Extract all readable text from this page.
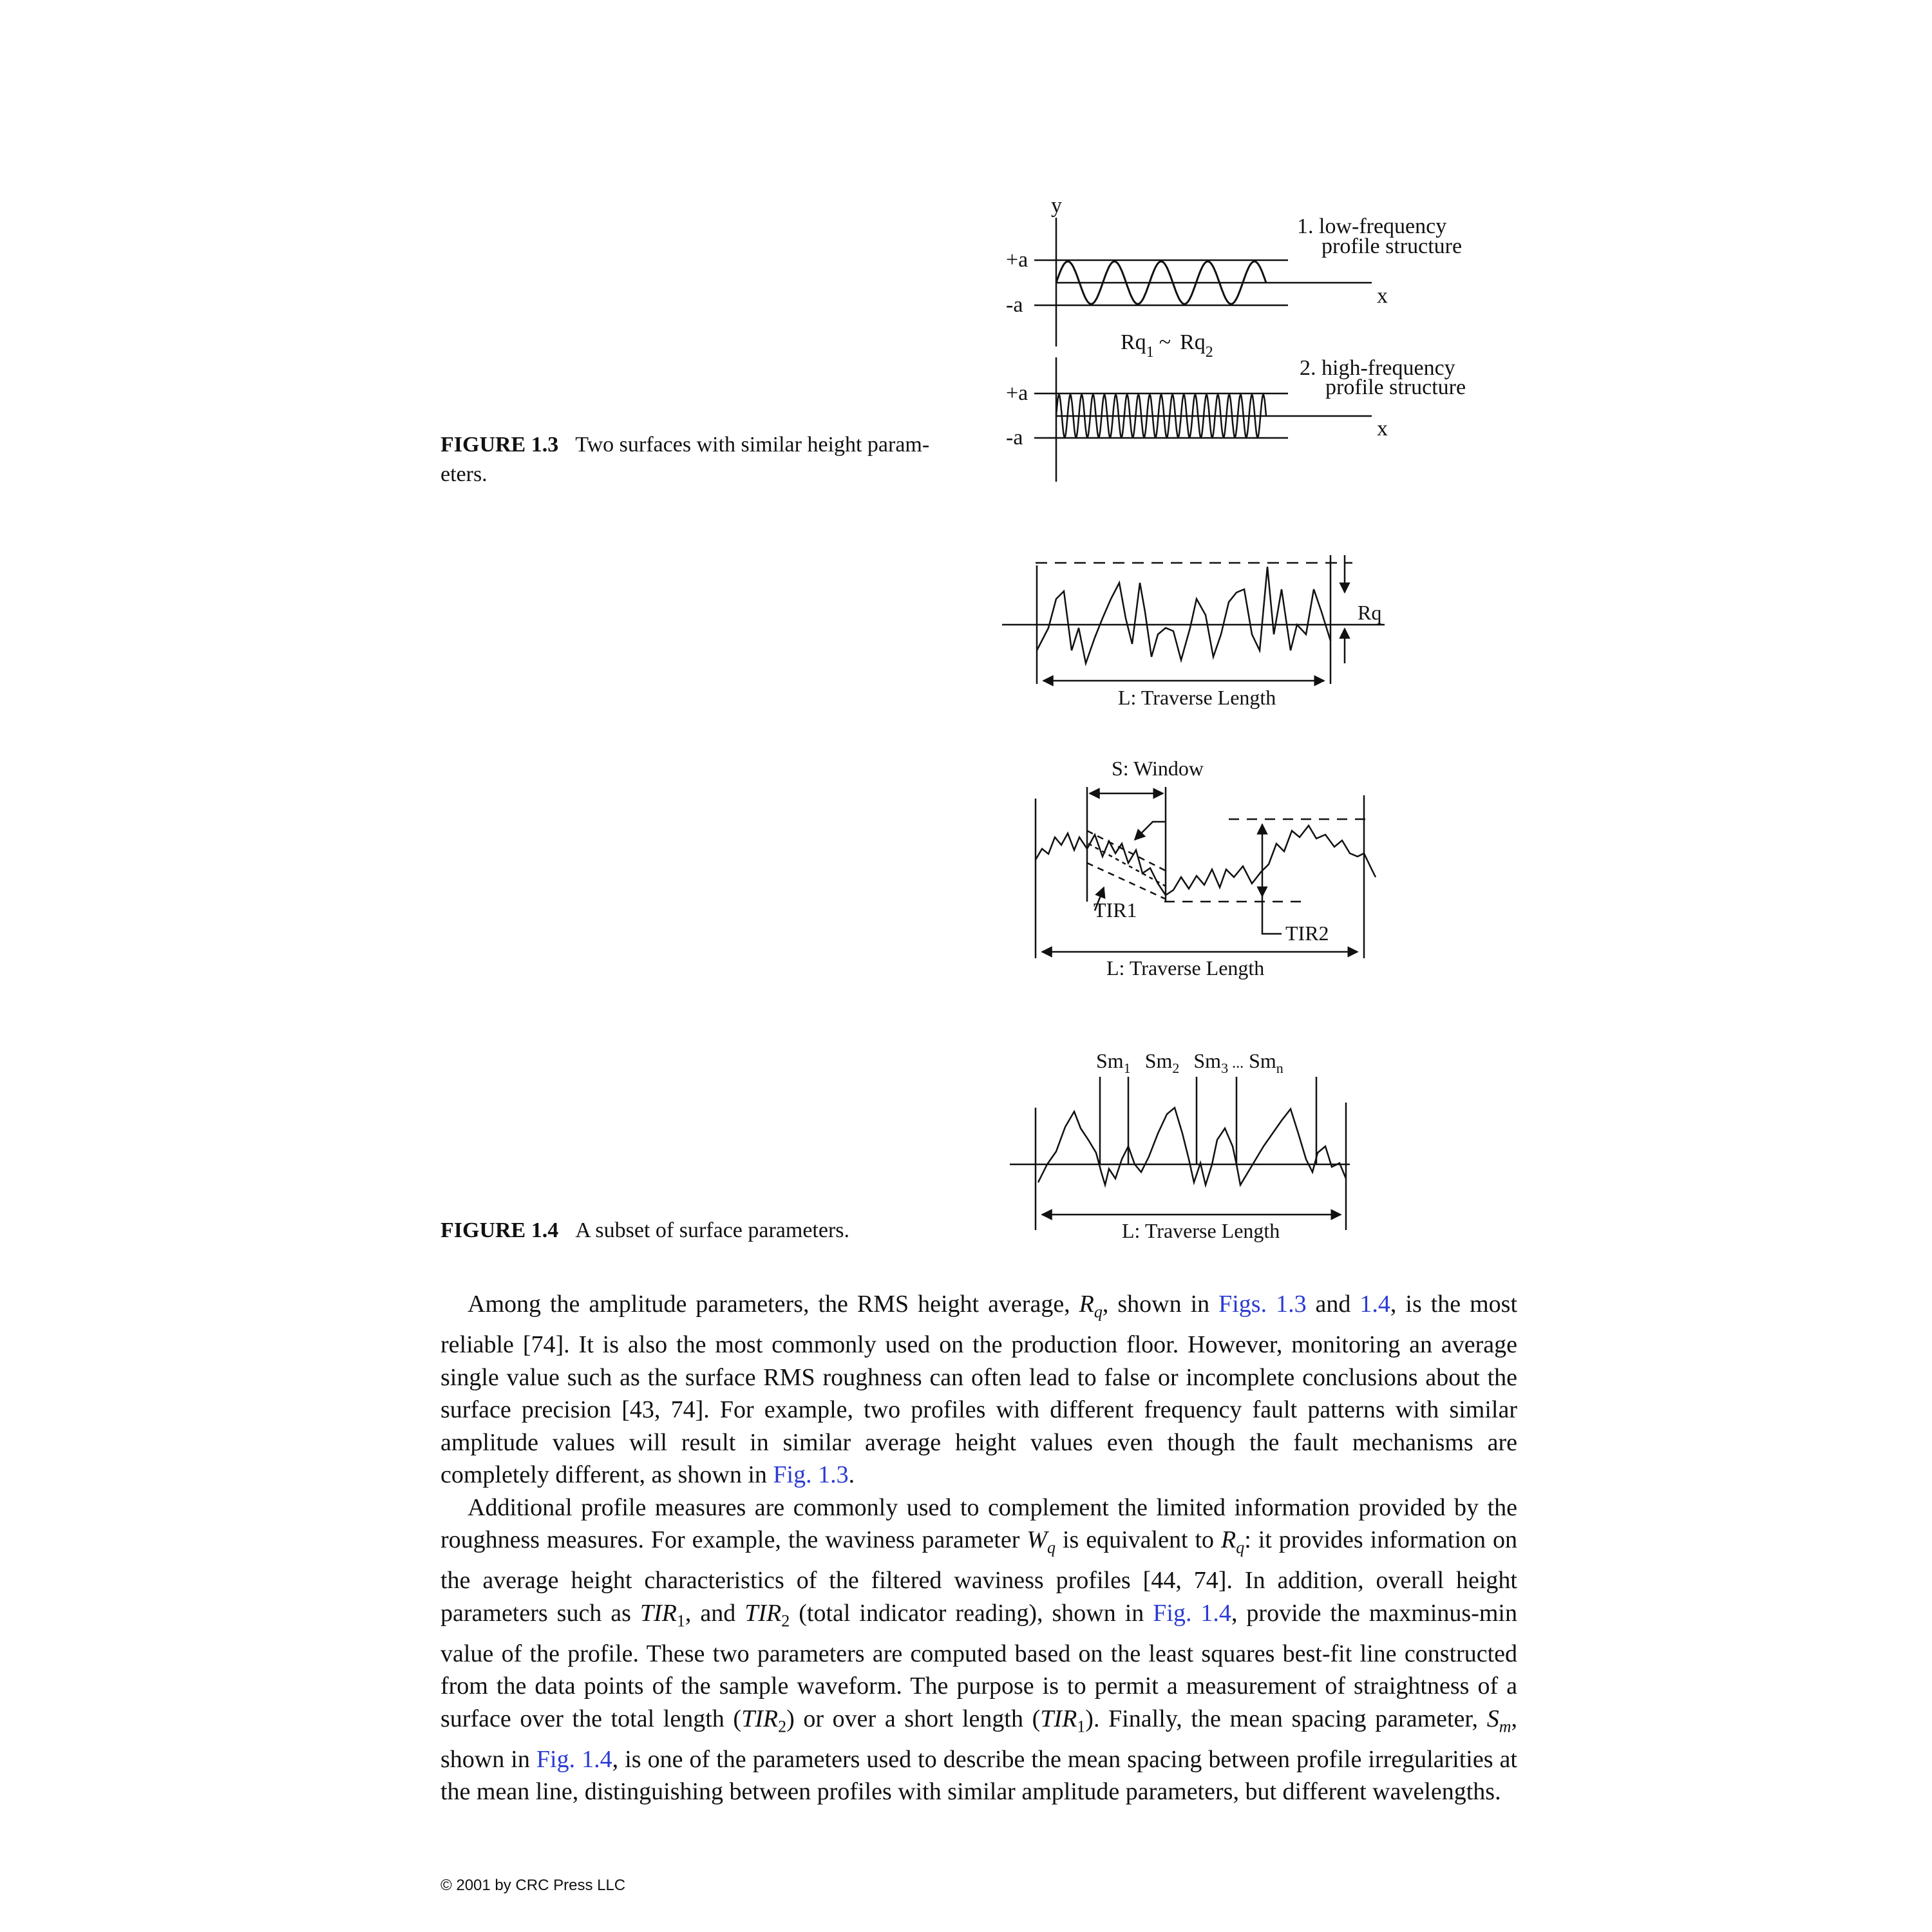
y
+a
-a	x
1. low-frequency
profile structure
$Rq_1$ ~ $Rq_2$
2. high-frequency
profile structure
+a
-a	x
Rq
L: Traverse Length
S: Window
TIR1
TIR2
L: Traverse Length
$Sm_1$ $Sm_2$ $Sm_3$ ... $Sm_n$
L: Traverse Length
FIGURE 1.3 Two surfaces with similar height param-eters.
FIGURE 1.4 A subset of surface parameters.

Among the amplitude parameters, the RMS height average, $R_q$, shown in Figs. 1.3 and 1.4, is the most reliable [74]. It is also the most commonly used on the production floor. However, monitoring an average single value such as the surface RMS roughness can often lead to false or incomplete conclusions about the surface precision [43, 74]. For example, two profiles with different frequency fault patterns with similar amplitude values will result in similar average height values even though the fault mechanisms are completely different, as shown in Fig. 1.3.

Additional profile measures are commonly used to complement the limited information provided by the roughness measures. For example, the waviness parameter $W_q$ is equivalent to $R_q$: it provides information on the average height characteristics of the filtered waviness profiles [44, 74]. In addition, overall height parameters such as $TIR_1$, and $TIR_2$ (total indicator reading), shown in Fig. 1.4, provide the maxminus-min value of the profile. These two parameters are computed based on the least squares best-fit line constructed from the data points of the sample waveform. The purpose is to permit a measurement of straightness of a surface over the total length $(TIR_2)$ or over a short length $(TIR_1)$. Finally, the mean spacing parameter, $S_m$, shown in Fig. 1.4, is one of the parameters used to describe the mean spacing between profile irregularities at the mean line, distinguishing between profiles with similar amplitude parameters, but different wavelengths.

© 2001 by CRC Press LLC
